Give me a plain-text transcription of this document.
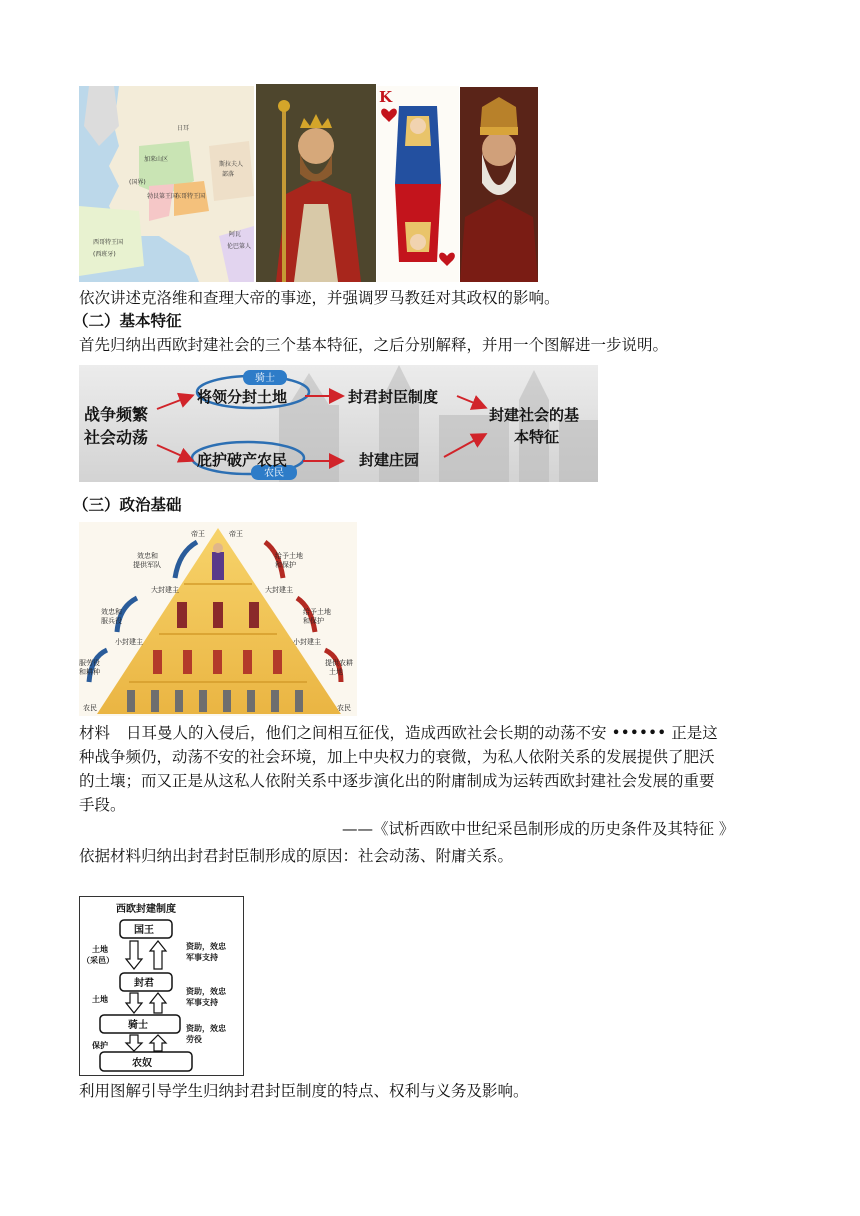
日耳
加来山区
勃艮第王国
(国界)
西哥特王国
(西班牙)
东哥特王国
斯拉夫人
部落
阿瓦
伦巴第人
K
依次讲述克洛维和查理大帝的事迹，并强调罗马教廷对其政权的影响。
（二）基本特征
首先归纳出西欧封建社会的三个基本特征，之后分别解释，并用一个图解进一步说明。
骑士
农民
战争频繁
社会动荡
将领分封土地	封君封臣制度
庇护破产农民	封建庄园
封建社会的基
本特征
（三）政治基础
帝王	帝王
效忠和
提供军队
给予土地
和保护
大封建主	大封建主
效忠和
服兵役
给予土地
和保护
小封建主	小封建主
服劳役
和耕种
提供农耕
土地
农民	农民
材料 日耳曼人的入侵后，他们之间相互征伐，造成西欧社会长期的动荡不安 •••••• 正是这
种战争频仍，动荡不安的社会环境，加上中央权力的衰微，为私人依附关系的发展提供了肥沃
的土壤；而又正是从这私人依附关系中逐步演化出的附庸制成为运转西欧封建社会发展的重要
手段。
——《试析西欧中世纪采邑制形成的历史条件及其特征 》
依据材料归纳出封君封臣制形成的原因：社会动荡、附庸关系。
西欧封建制度
国王
封君
骑士
农奴
土地
（采邑）
土地
保护
资助，效忠
军事支持
资助，效忠
军事支持
资助，效忠
劳役
利用图解引导学生归纳封君封臣制度的特点、权利与义务及影响。
